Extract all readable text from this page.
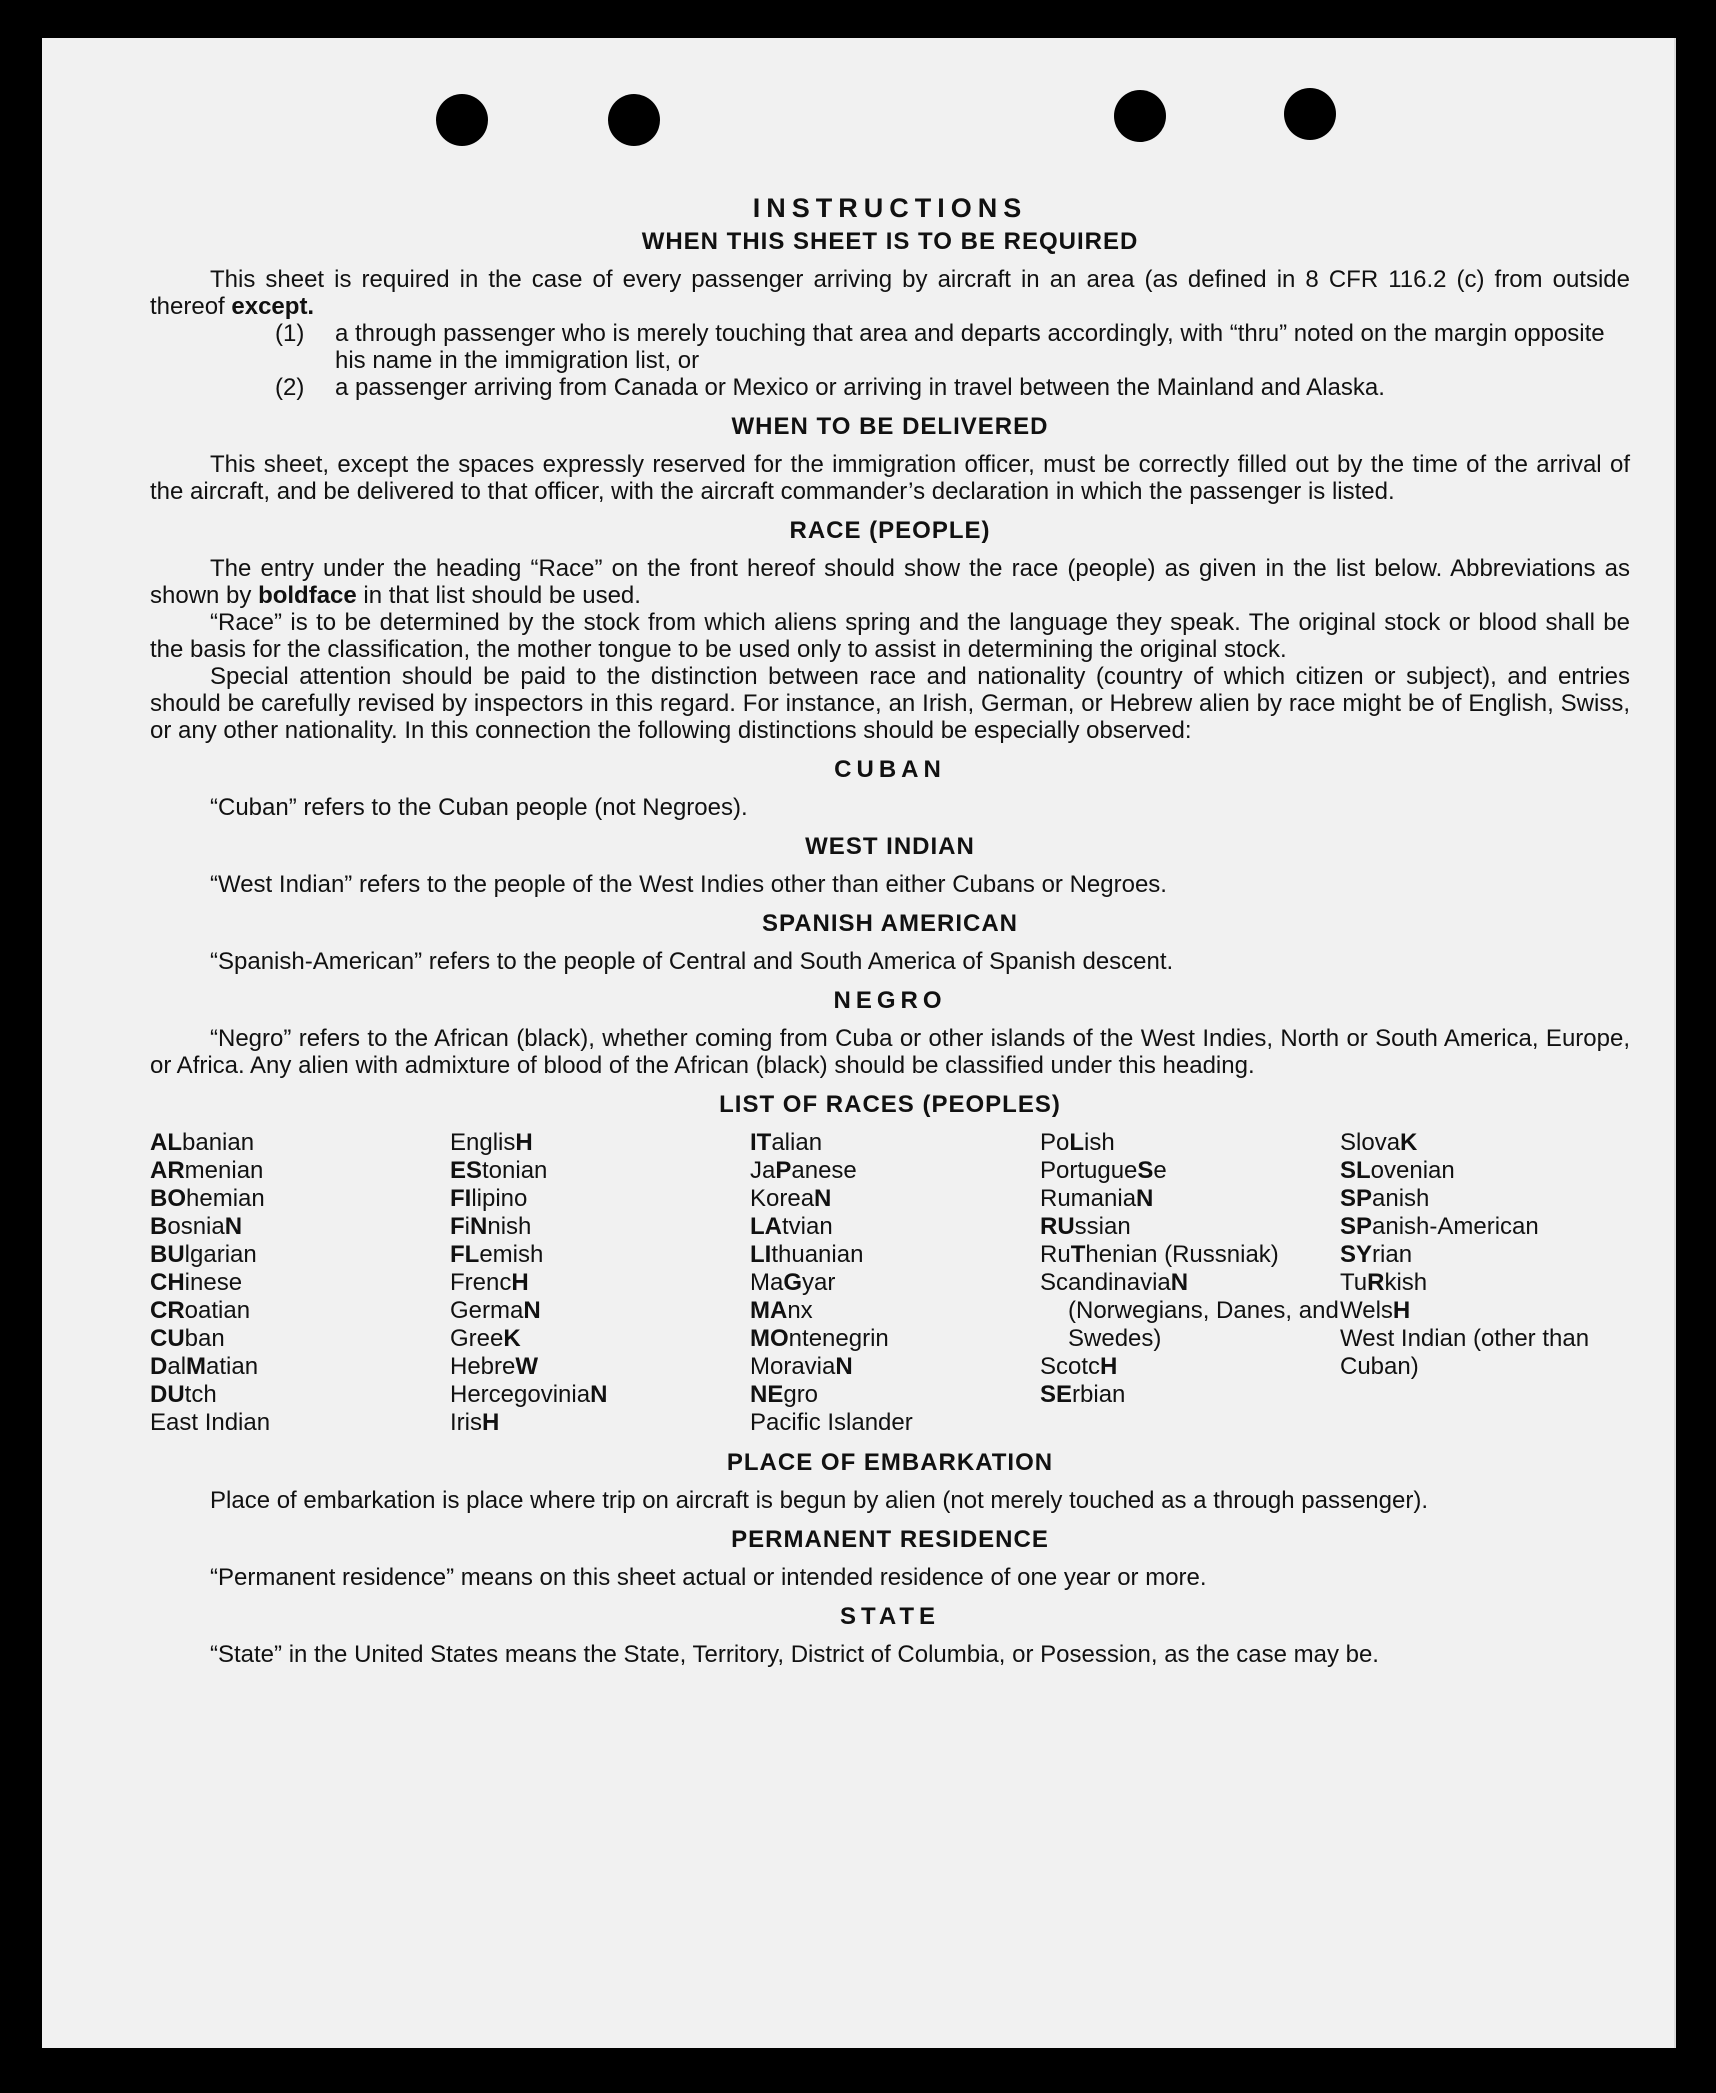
INSTRUCTIONS
WHEN THIS SHEET IS TO BE REQUIRED

This sheet is required in the case of every passenger arriving by aircraft in an area (as defined in 8 CFR 116.2 (c) from outside thereof except.

(1)	a through passenger who is merely touching that area and departs accordingly, with “thru” noted on the margin opposite his name in the immigration list, or
(2)	a passenger arriving from Canada or Mexico or arriving in travel between the Mainland and Alaska.
WHEN TO BE DELIVERED

This sheet, except the spaces expressly reserved for the immigration officer, must be correctly filled out by the time of the arrival of the aircraft, and be delivered to that officer, with the aircraft commander’s declaration in which the passenger is listed.

RACE (PEOPLE)

The entry under the heading “Race” on the front hereof should show the race (people) as given in the list below. Abbreviations as shown by boldface in that list should be used.

“Race” is to be determined by the stock from which aliens spring and the language they speak. The original stock or blood shall be the basis for the classification, the mother tongue to be used only to assist in determining the original stock.

Special attention should be paid to the distinction between race and nationality (country of which citizen or subject), and entries should be carefully revised by inspectors in this regard. For instance, an Irish, German, or Hebrew alien by race might be of English, Swiss, or any other nationality. In this connection the following distinctions should be especially observed:

CUBAN

“Cuban” refers to the Cuban people (not Negroes).

WEST INDIAN

“West Indian” refers to the people of the West Indies other than either Cubans or Negroes.

SPANISH AMERICAN

“Spanish-American” refers to the people of Central and South America of Spanish descent.

NEGRO

“Negro” refers to the African (black), whether coming from Cuba or other islands of the West Indies, North or South America, Europe, or Africa. Any alien with admixture of blood of the African (black) should be classified under this heading.

LIST OF RACES (PEOPLES)
ALbanian
ARmenian
BOhemian
BosniaN
BUlgarian
CHinese
CRoatian
CUban
DalMatian
DUtch
East Indian
EnglisH
EStonian
FIlipino
FiNnish
FLemish
FrencH
GermaN
GreeK
HebreW
HercegoviniaN
IrisH
ITalian
JaPanese
KoreaN
LAtvian
LIthuanian
MaGyar
MAnx
MOntenegrin
MoraviaN
NEgro
Pacific Islander
PoLish
PortugueSe
RumaniaN
RUssian
RuThenian (Russniak)
ScandinaviaN
(Norwegians, Danes, and Swedes)
ScotcH
SErbian
SlovaK
SLovenian
SPanish
SPanish-American
SYrian
TuRkish
WelsH
West Indian (other than Cuban)
PLACE OF EMBARKATION

Place of embarkation is place where trip on aircraft is begun by alien (not merely touched as a through passenger).

PERMANENT RESIDENCE

“Permanent residence” means on this sheet actual or intended residence of one year or more.

STATE

“State” in the United States means the State, Territory, District of Columbia, or Posession, as the case may be.
